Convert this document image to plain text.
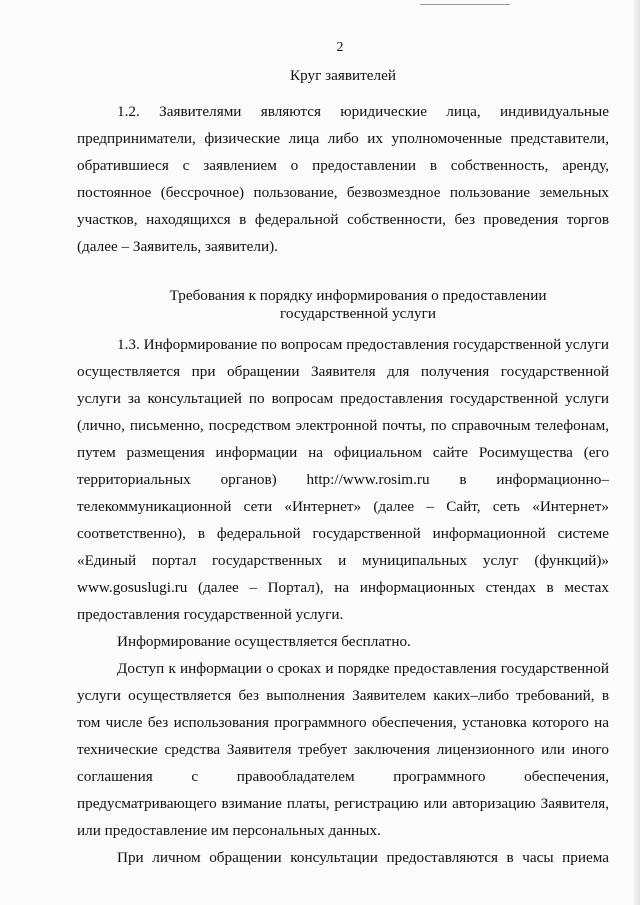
2

Круг заявителей

1.2. Заявителями являются юридические лица, индивидуальные предприниматели, физические лица либо их уполномоченные представители, обратившиеся с заявлением о предоставлении в собственность, аренду, постоянное (бессрочное) пользование, безвозмездное пользование земельных участков, находящихся в федеральной собственности, без проведения торгов (далее – Заявитель, заявители).

Требования к порядку информирования о предоставлении
государственной услуги

1.3. Информирование по вопросам предоставления государственной услуги осуществляется при обращении Заявителя для получения государственной услуги за консультацией по вопросам предоставления государственной услуги (лично, письменно, посредством электронной почты, по справочным телефонам, путем размещения информации на официальном сайте Росимущества (его территориальных органов) http://www.rosim.ru в информационно–телекоммуникационной сети «Интернет» (далее – Сайт, сеть «Интернет» соответственно), в федеральной государственной информационной системе «Единый портал государственных и муниципальных услуг (функций)» www.gosuslugi.ru (далее – Портал), на информационных стендах в местах предоставления государственной услуги.

Информирование осуществляется бесплатно.

Доступ к информации о сроках и порядке предоставления государственной услуги осуществляется без выполнения Заявителем каких–либо требований, в том числе без использования программного обеспечения, установка которого на технические средства Заявителя требует заключения лицензионного или иного соглашения с правообладателем программного обеспечения, предусматривающего взимание платы, регистрацию или авторизацию Заявителя, или предоставление им персональных данных.

При личном обращении консультации предоставляются в часы приема
